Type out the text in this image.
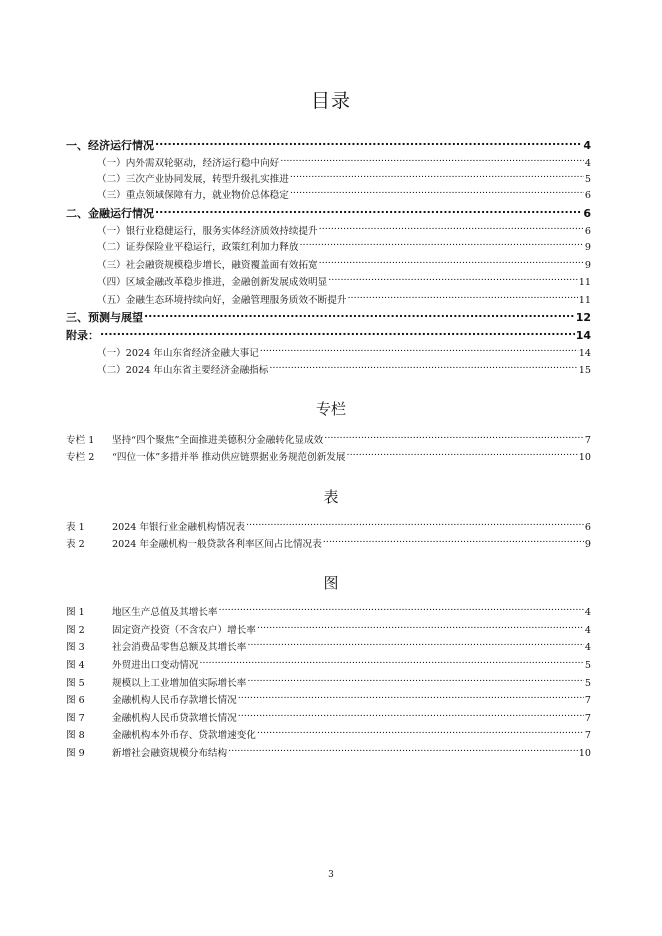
目录
一、经济运行情况 .....	4
（一）内外需双轮驱动，经济运行稳中向好 .....	4
（二）三次产业协同发展，转型升级扎实推进 .....	5
（三）重点领域保障有力，就业物价总体稳定 .....	6
二、金融运行情况 .....	6
（一）银行业稳健运行，服务实体经济质效持续提升 .....	6
（二）证券保险业平稳运行，政策红利加力释放 .....	9
（三）社会融资规模稳步增长，融资覆盖面有效拓宽 .....	9
（四）区域金融改革稳步推进，金融创新发展成效明显 .....	11
（五）金融生态环境持续向好，金融管理服务质效不断提升 .....	11
三、预测与展望 .....	12
附录： .....	14
（一）2024 年山东省经济金融大事记 .....	14
（二）2024 年山东省主要经济金融指标 .....	15
专栏
专栏 1 坚持“四个聚焦”全面推进美德积分金融转化显成效 .....	7
专栏 2 “四位一体”多措并举 推动供应链票据业务规范创新发展 .....	10
表
表 1	2024 年银行业金融机构情况表 .....	6
表 2	2024 年金融机构一般贷款各利率区间占比情况表 .....	9
图
图 1	地区生产总值及其增长率 .....	4
图 2	固定资产投资（不含农户）增长率 .....	4
图 3	社会消费品零售总额及其增长率 .....	4
图 4	外贸进出口变动情况 .....	5
图 5	规模以上工业增加值实际增长率 .....	5
图 6	金融机构人民币存款增长情况 .....	7
图 7	金融机构人民币贷款增长情况 .....	7
图 8	金融机构本外币存、贷款增速变化 .....	7
图 9	新增社会融资规模分布结构 .....	10
3
